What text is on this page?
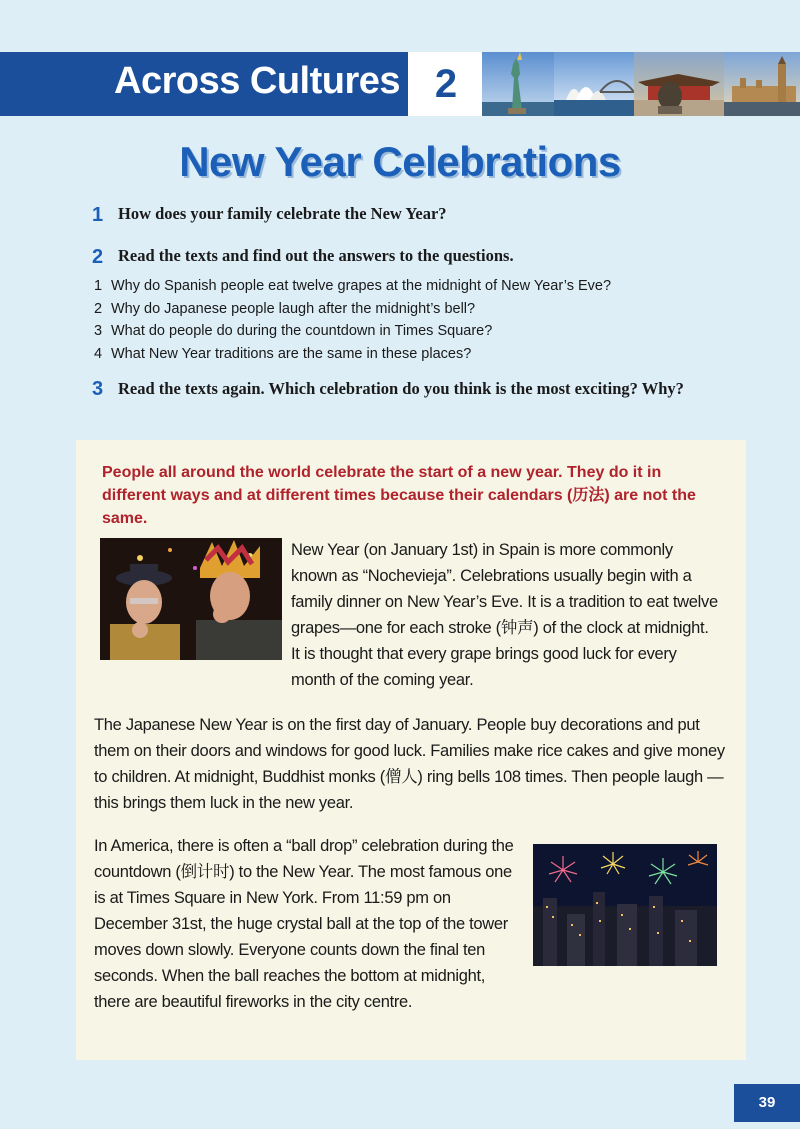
Across Cultures 2
New Year Celebrations
1 How does your family celebrate the New Year?
2 Read the texts and find out the answers to the questions.
1 Why do Spanish people eat twelve grapes at the midnight of New Year’s Eve?
2 Why do Japanese people laugh after the midnight’s bell?
3 What do people do during the countdown in Times Square?
4 What New Year traditions are the same in these places?
3 Read the texts again. Which celebration do you think is the most exciting? Why?

People all around the world celebrate the start of a new year. They do it in different ways and at different times because their calendars (历法) are not the same.

New Year (on January 1st) in Spain is more commonly known as “Nochevieja”. Celebrations usually begin with a family dinner on New Year’s Eve. It is a tradition to eat twelve grapes—one for each stroke (钟声) of the clock at midnight. It is thought that every grape brings good luck for every month of the coming year.

The Japanese New Year is on the first day of January. People buy decorations and put them on their doors and windows for good luck. Families make rice cakes and give money to children. At midnight, Buddhist monks (僧人) ring bells 108 times. Then people laugh — this brings them luck in the new year.

In America, there is often a “ball drop” celebration during the countdown (倒计时) to the New Year. The most famous one is at Times Square in New York. From 11:59 pm on December 31st, the huge crystal ball at the top of the tower moves down slowly. Everyone counts down the final ten seconds. When the ball reaches the bottom at midnight, there are beautiful fireworks in the city centre.

39
